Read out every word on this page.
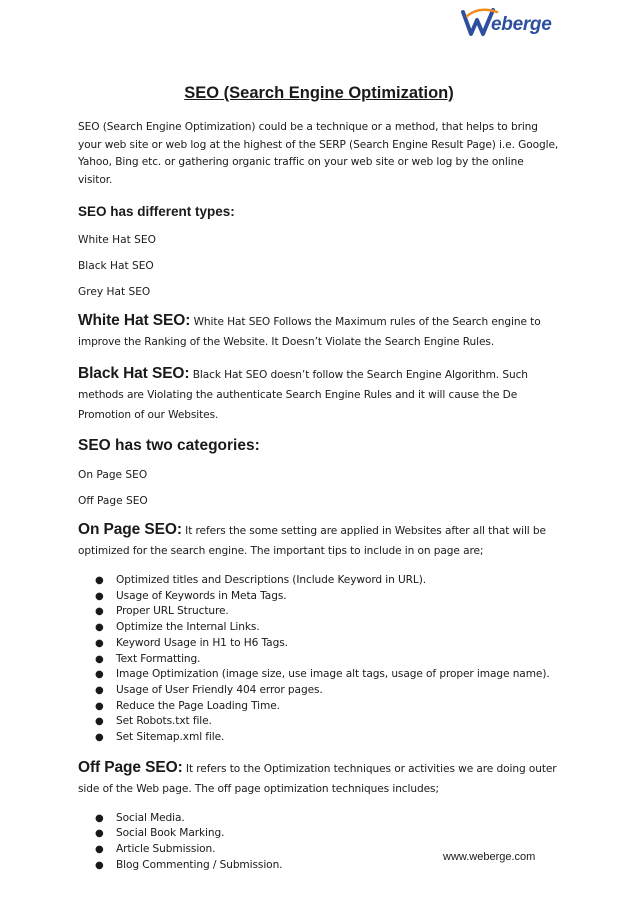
eberge
SEO (Search Engine Optimization)

SEO (Search Engine Optimization) could be a technique or a method, that helps to bring your web site or web log at the highest of the SERP (Search Engine Result Page) i.e. Google, Yahoo, Bing etc. or gathering organic traffic on your web site or web log by the online visitor.

SEO has different types:

White Hat SEO

Black Hat SEO

Grey Hat SEO

White Hat SEO: White Hat SEO Follows the Maximum rules of the Search engine to improve the Ranking of the Website. It Doesn’t Violate the Search Engine Rules.

Black Hat SEO: Black Hat SEO doesn’t follow the Search Engine Algorithm. Such methods are Violating the authenticate Search Engine Rules and it will cause the De Promotion of our Websites.

SEO has two categories:

On Page SEO

Off Page SEO

On Page SEO: It refers the some setting are applied in Websites after all that will be optimized for the search engine. The important tips to include in on page are;

● Optimized titles and Descriptions (Include Keyword in URL).
● Usage of Keywords in Meta Tags.
● Proper URL Structure.
● Optimize the Internal Links.
● Keyword Usage in H1 to H6 Tags.
● Text Formatting.
● Image Optimization (image size, use image alt tags, usage of proper image name).
● Usage of User Friendly 404 error pages.
● Reduce the Page Loading Time.
● Set Robots.txt file.
● Set Sitemap.xml file.

Off Page SEO: It refers to the Optimization techniques or activities we are doing outer side of the Web page. The off page optimization techniques includes;

● Social Media.
● Social Book Marking.
● Article Submission.
● Blog Commenting / Submission.
www.weberge.com
